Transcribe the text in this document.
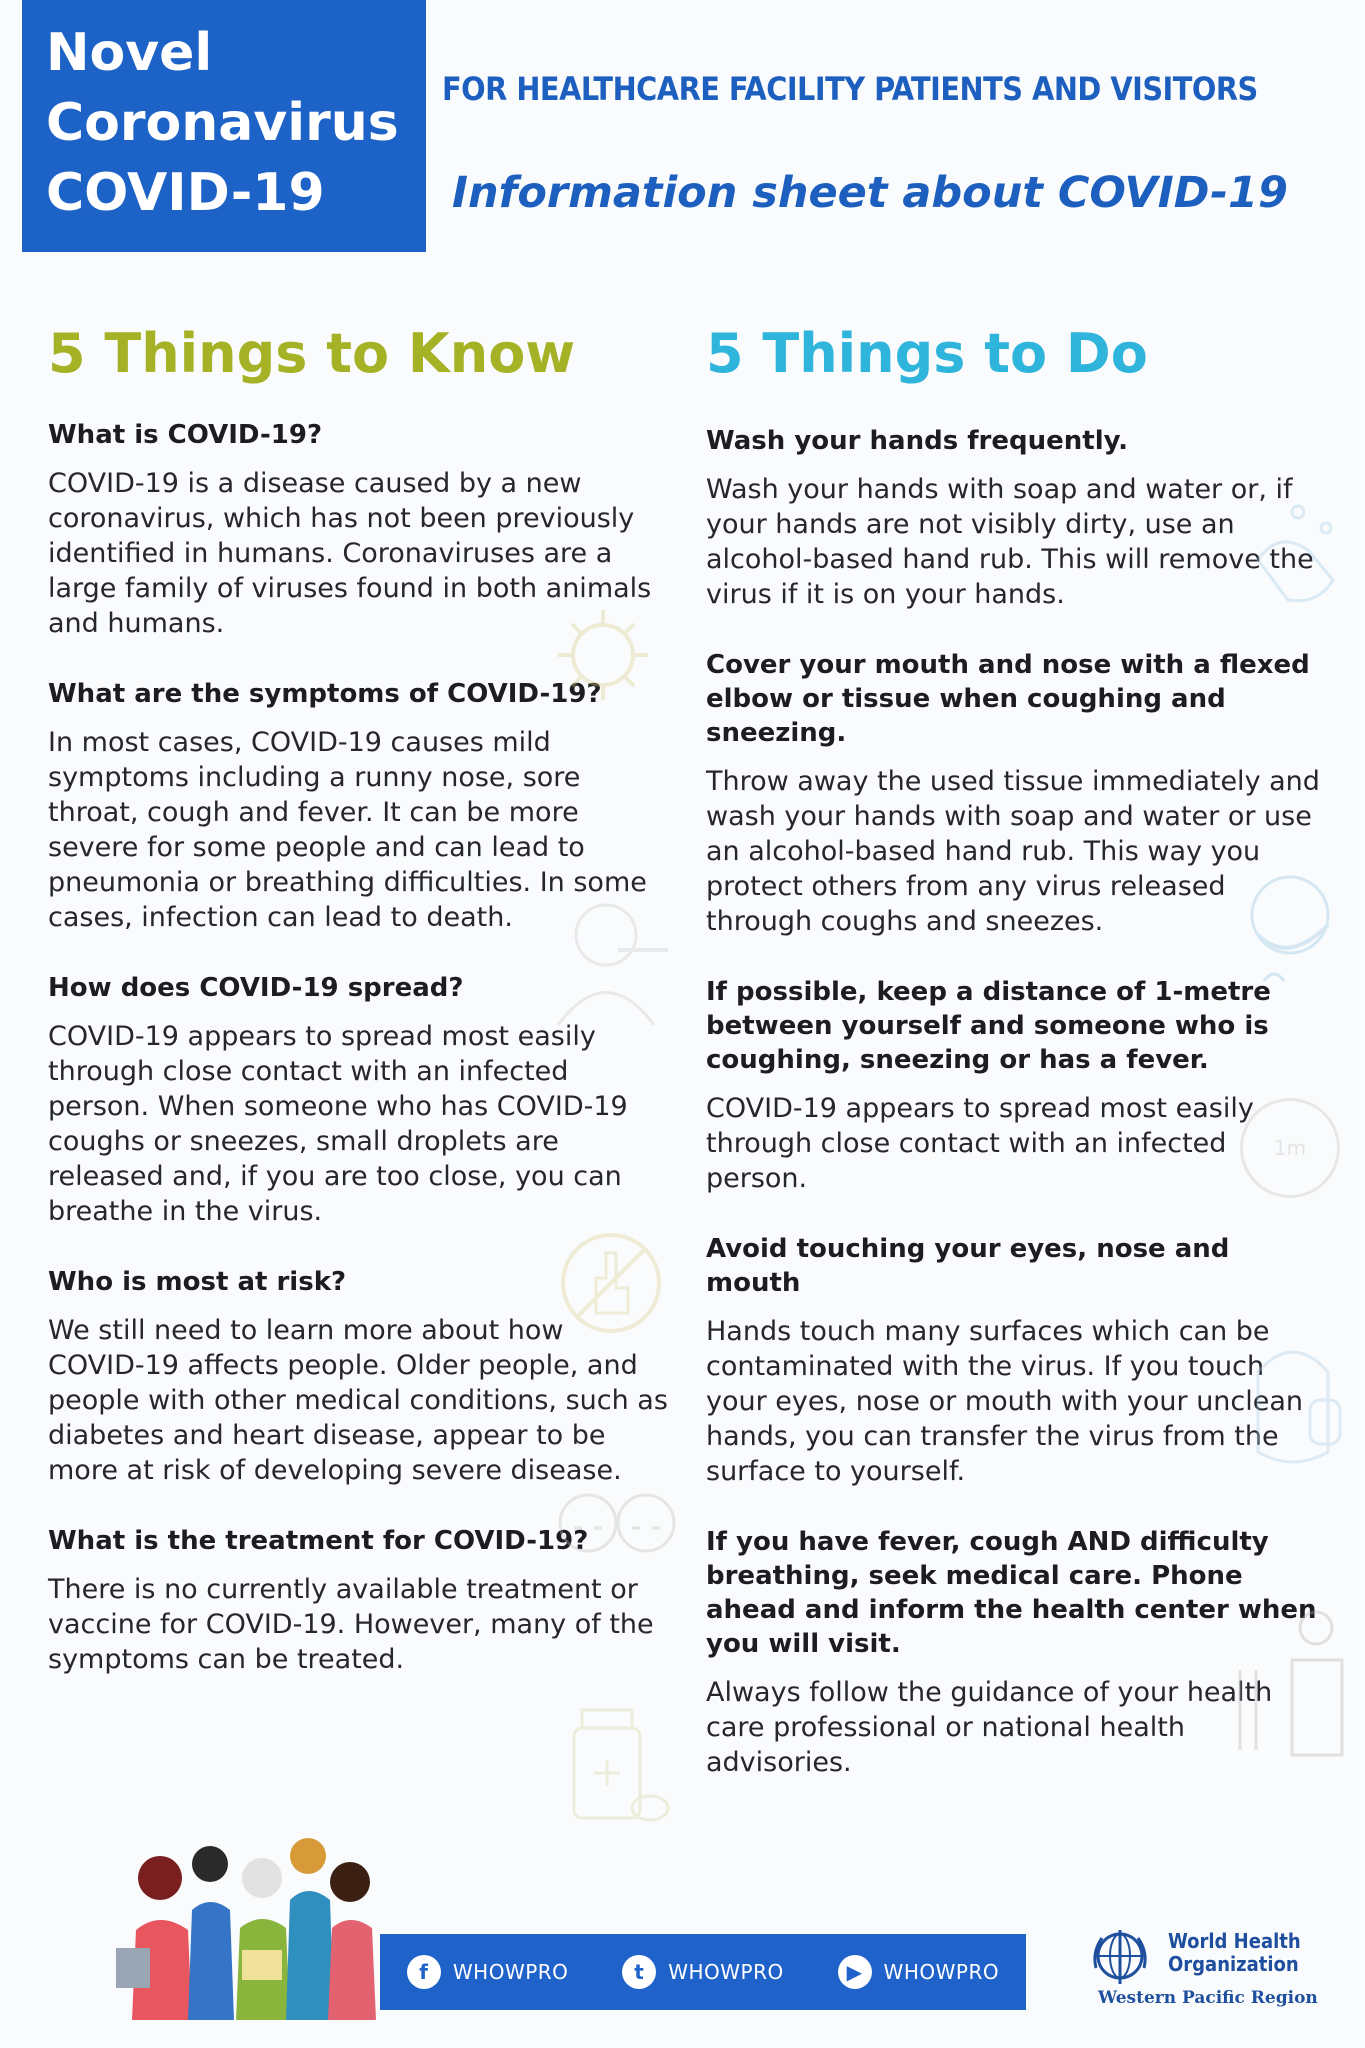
Novel
Coronavirus
COVID-19
FOR HEALTHCARE FACILITY PATIENTS AND VISITORS
Information sheet about COVID-19
5 Things to Know

What is COVID-19?

COVID-19 is a disease caused by a new coronavirus, which has not been previously identified in humans. Coronaviruses are a large family of viruses found in both animals and humans.

What are the symptoms of COVID-19?

In most cases, COVID-19 causes mild symptoms including a runny nose, sore throat, cough and fever. It can be more severe for some people and can lead to pneumonia or breathing difficulties. In some cases, infection can lead to death.

How does COVID-19 spread?

COVID-19 appears to spread most easily through close contact with an infected person. When someone who has COVID-19 coughs or sneezes, small droplets are released and, if you are too close, you can breathe in the virus.

Who is most at risk?

We still need to learn more about how COVID-19 affects people. Older people, and people with other medical conditions, such as diabetes and heart disease, appear to be more at risk of developing severe disease.

What is the treatment for COVID-19?

There is no currently available treatment or vaccine for COVID-19. However, many of the symptoms can be treated.

5 Things to Do

Wash your hands frequently.

Wash your hands with soap and water or, if your hands are not visibly dirty, use an alcohol-based hand rub. This will remove the virus if it is on your hands.

Cover your mouth and nose with a flexed elbow or tissue when coughing and sneezing.

Throw away the used tissue immediately and wash your hands with soap and water or use an alcohol-based hand rub. This way you protect others from any virus released through coughs and sneezes.

If possible, keep a distance of 1-metre between yourself and someone who is coughing, sneezing or has a fever.

COVID-19 appears to spread most easily through close contact with an infected person.

Avoid touching your eyes, nose and mouth

Hands touch many surfaces which can be contaminated with the virus. If you touch your eyes, nose or mouth with your unclean hands, you can transfer the virus from the surface to yourself.

If you have fever, cough AND difficulty breathing, seek medical care. Phone ahead and inform the health center when you will visit.

Always follow the guidance of your health care professional or national health advisories.

1m
f	WHOWPRO	t	WHOWPRO	▶	WHOWPRO
World Health
Organization
Western Pacific Region
